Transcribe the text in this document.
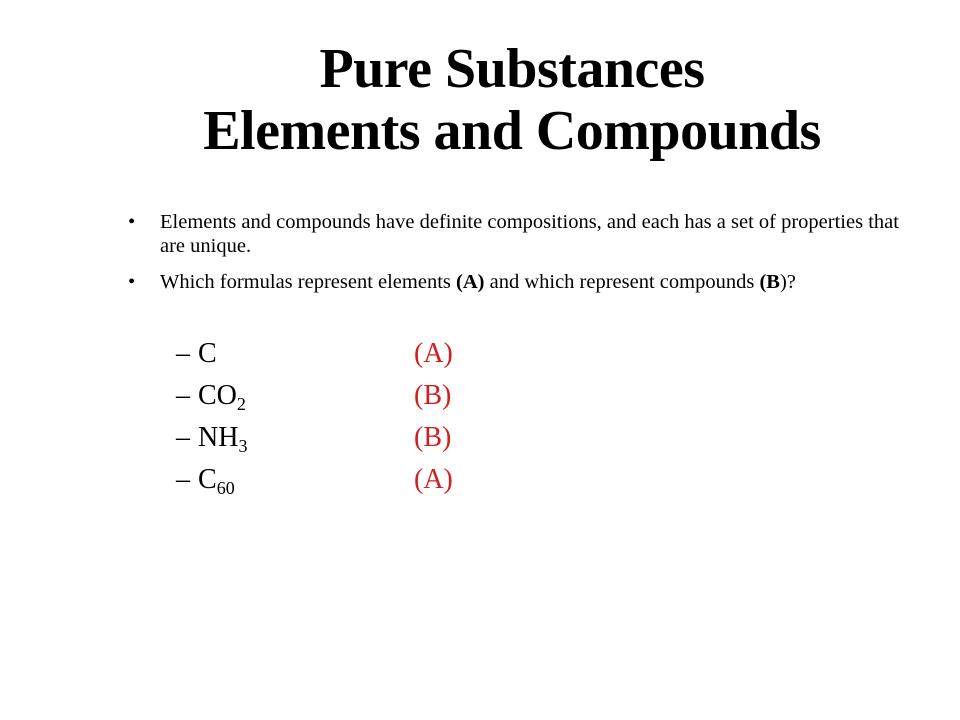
Pure Substances
Elements and Compounds
• Elements and compounds have definite compositions, and each has a set of properties that are unique.
• Which formulas represent elements (A) and which represent compounds (B)?
– C	(A)
– $CO_2$	(B)
– $NH_3$	(B)
– $C_{60}$	(A)
